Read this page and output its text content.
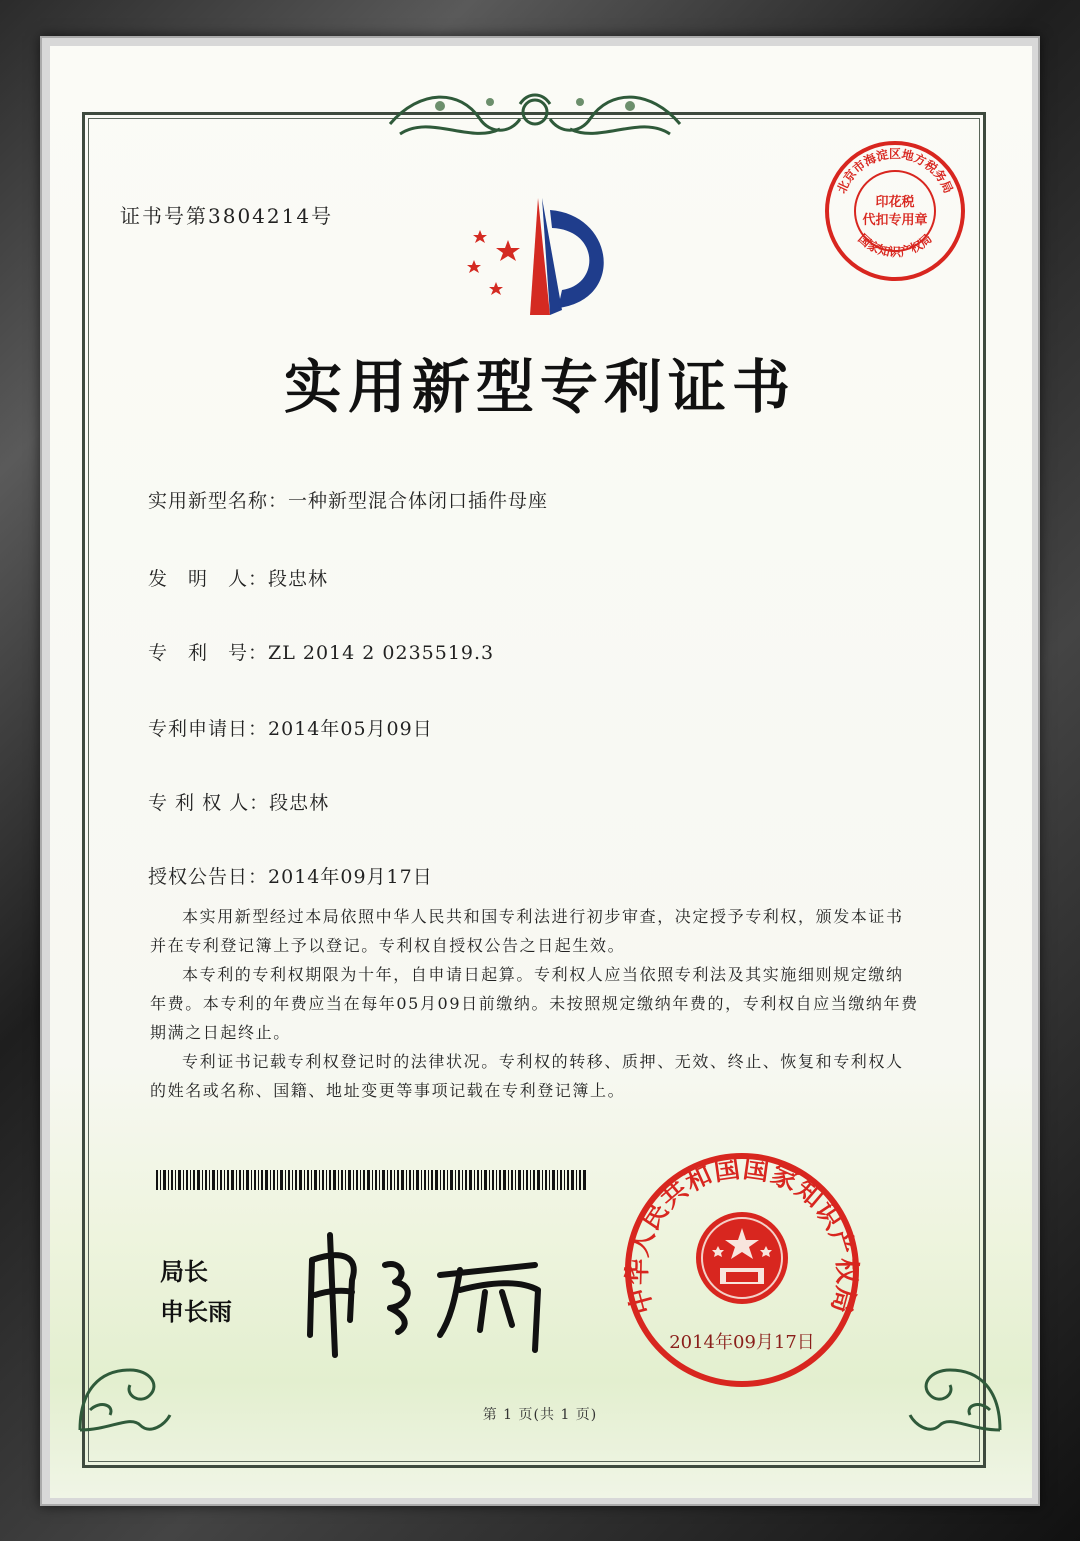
证书号第3804214号
北京市海淀区地方税务局
印花税
代扣专用章
国家知识产权局
实用新型专利证书
实用新型名称：一种新型混合体闭口插件母座
发　明　人：段忠林
专　利　号：ZL 2014 2 0235519.3
专利申请日：2014年05月09日
专 利 权 人：段忠林
授权公告日：2014年09月17日

本实用新型经过本局依照中华人民共和国专利法进行初步审查，决定授予专利权，颁发本证书并在专利登记簿上予以登记。专利权自授权公告之日起生效。

本专利的专利权期限为十年，自申请日起算。专利权人应当依照专利法及其实施细则规定缴纳年费。本专利的年费应当在每年05月09日前缴纳。未按照规定缴纳年费的，专利权自应当缴纳年费期满之日起终止。

专利证书记载专利权登记时的法律状况。专利权的转移、质押、无效、终止、恢复和专利权人的姓名或名称、国籍、地址变更等事项记载在专利登记簿上。

局长
申长雨	中华人民共和国国家知识产权局
2014年09月17日
第 1 页(共 1 页)
